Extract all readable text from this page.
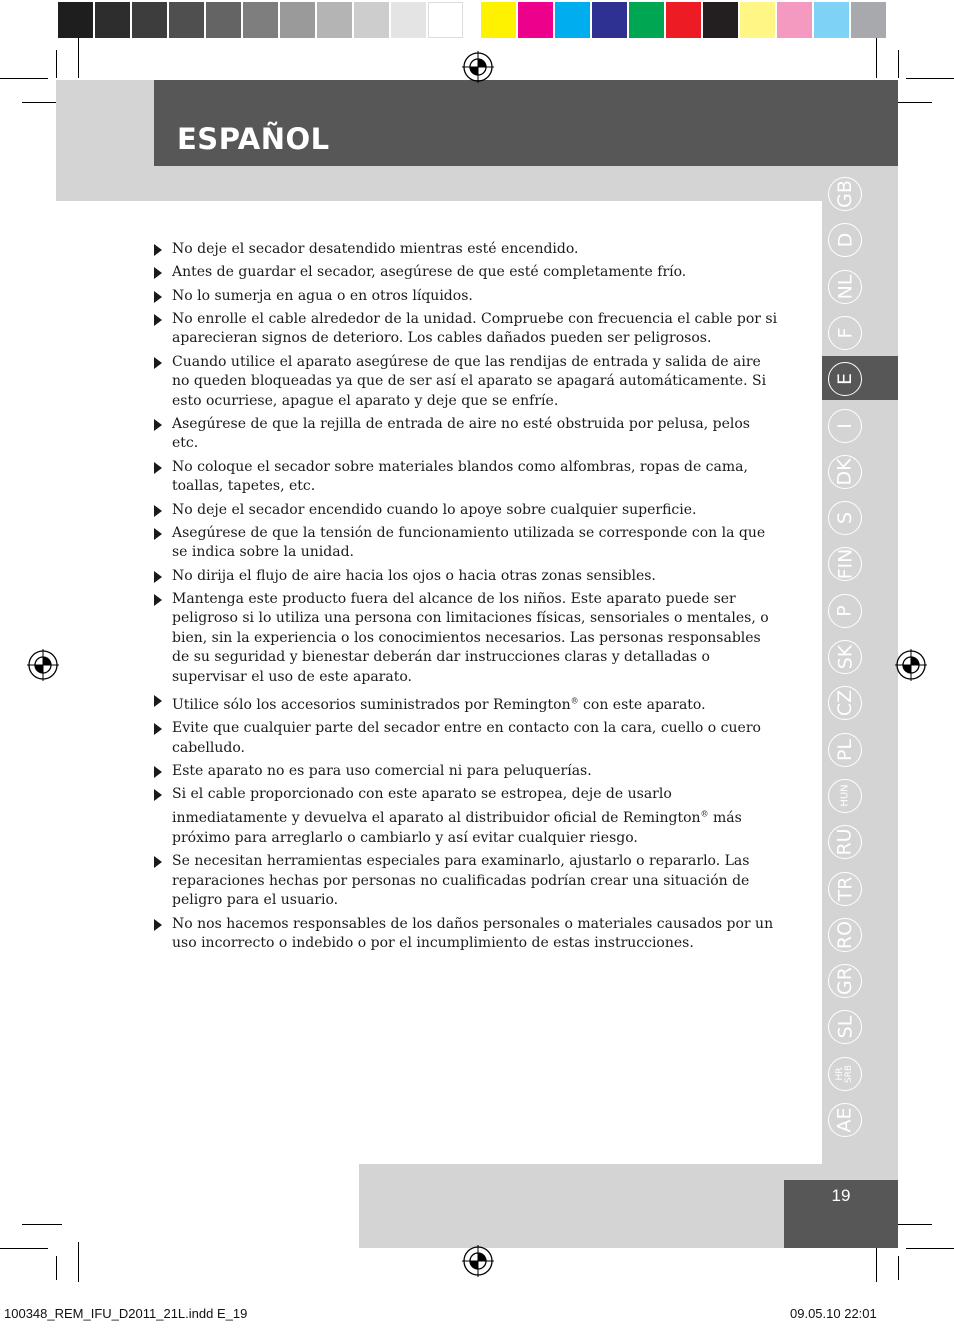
ESPAÑOL
19
GB
D
NL
F
E
I
DK
S
FIN
P
SK
CZ
PL
HUN
RU
TR
RO
GR
SL
HR
SRB
AE
No deje el secador desatendido mientras esté encendido.
Antes de guardar el secador, asegúrese de que esté completamente frío.
No lo sumerja en agua o en otros líquidos.
No enrolle el cable alrededor de la unidad. Compruebe con frecuencia el cable por si aparecieran signos de deterioro. Los cables dañados pueden ser peligrosos.
Cuando utilice el aparato asegúrese de que las rendijas de entrada y salida de aire no queden bloqueadas ya que de ser así el aparato se apagará automáticamente. Si esto ocurriese, apague el aparato y deje que se enfríe.
Asegúrese de que la rejilla de entrada de aire no esté obstruida por pelusa, pelos etc.
No coloque el secador sobre materiales blandos como alfombras, ropas de cama, toallas, tapetes, etc.
No deje el secador encendido cuando lo apoye sobre cualquier superficie.
Asegúrese de que la tensión de funcionamiento utilizada se corresponde con la que se indica sobre la unidad.
No dirija el flujo de aire hacia los ojos o hacia otras zonas sensibles.
Mantenga este producto fuera del alcance de los niños. Este aparato puede ser peligroso si lo utiliza una persona con limitaciones físicas, sensoriales o mentales, o bien, sin la experiencia o los conocimientos necesarios. Las personas responsables de su seguridad y bienestar deberán dar instrucciones claras y detalladas o supervisar el uso de este aparato.
Utilice sólo los accesorios suministrados por Remington® con este aparato.
Evite que cualquier parte del secador entre en contacto con la cara, cuello o cuero cabelludo.
Este aparato no es para uso comercial ni para peluquerías.
Si el cable proporcionado con este aparato se estropea, deje de usarlo inmediatamente y devuelva el aparato al distribuidor oficial de Remington® más próximo para arreglarlo o cambiarlo y así evitar cualquier riesgo.
Se necesitan herramientas especiales para examinarlo, ajustarlo o repararlo. Las reparaciones hechas por personas no cualificadas podrían crear una situación de peligro para el usuario.
No nos hacemos responsables de los daños personales o materiales causados por un uso incorrecto o indebido o por el incumplimiento de estas instrucciones.
100348_REM_IFU_D2011_21L.indd E_19	09.05.10 22:01
